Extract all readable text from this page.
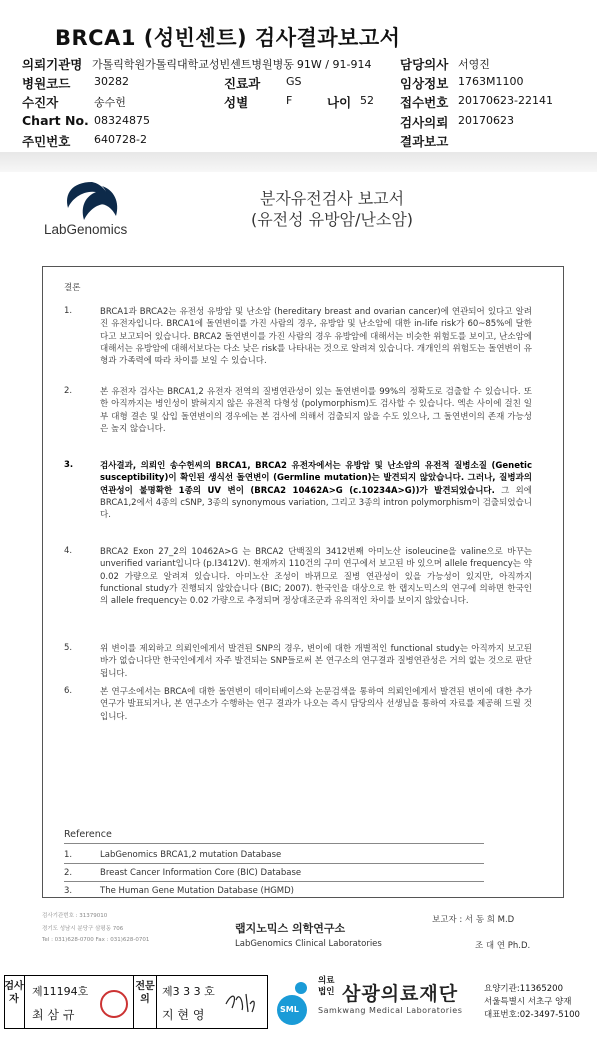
BRCA1 (성빈센트) 검사결과보고서
의뢰기관명 가톨릭학원가톨릭대학교성빈센트병원병동 91W / 91-914 담당의사 서영진
병원코드 30282	진료과 GS	임상정보 1763M1100
수진자	송수헌	성별	F	나이 52 접수번호 20170623-22141
Chart No. 08324875	검사의뢰 20170623
주민번호 640728-2	결과보고
LabGenomics
분자유전검사 보고서
(유전성 유방암/난소암)
결론
1.	BRCA1과 BRCA2는 유전성 유방암 및 난소암 (hereditary breast and ovarian cancer)에 연관되어 있다고 알려진 유전자입니다. BRCA1에 돌연변이를 가진 사람의 경우, 유방암 및 난소암에 대한 in-life risk가 60~85%에 달한다고 보고되어 있습니다. BRCA2 돌연변이를 가진 사람의 경우 유방암에 대해서는 비슷한 위험도를 보이고, 난소암에 대해서는 유방암에 대해서보다는 다소 낮은 risk를 나타내는 것으로 알려져 있습니다. 개개인의 위험도는 돌연변이 유형과 가족력에 따라 차이를 보일 수 있습니다.
2.	본 유전자 검사는 BRCA1,2 유전자 전역의 질병연관성이 있는 돌연변이를 99%의 정확도로 검출할 수 있습니다. 또한 아직까지는 병인성이 밝혀지지 않은 유전적 다형성 (polymorphism)도 검사할 수 있습니다. 엑손 사이에 걸친 일부 대형 결손 및 삽입 돌연변이의 경우에는 본 검사에 의해서 검출되지 않을 수도 있으나, 그 돌연변이의 존재 가능성은 높지 않습니다.
3.	검사결과, 의뢰인 송수헌씨의 BRCA1, BRCA2 유전자에서는 유방암 및 난소암의 유전적 질병소질 (Genetic susceptibility)이 확인된 생식선 돌연변이 (Germline mutation)는 발견되지 않았습니다. 그러나, 질병과의 연관성이 불명확한 1종의 UV 변이 (BRCA2 10462A>G (c.10234A>G))가 발견되었습니다. 그 외에 BRCA1,2에서 4종의 cSNP, 3종의 synonymous variation, 그리고 3종의 intron polymorphism이 검출되었습니다.
4.	BRCA2 Exon 27_2의 10462A>G 는 BRCA2 단백질의 3412번째 아미노산 isoleucine을 valine으로 바꾸는 unverified variant입니다 (p.I3412V). 현재까지 110건의 구미 연구에서 보고된 바 있으며 allele frequency는 약 0.02 가량으로 알려져 있습니다. 아미노산 조성이 바뀌므로 질병 연관성이 있을 가능성이 있지만, 아직까지 functional study가 진행되지 않았습니다 (BIC; 2007). 한국인을 대상으로 한 랩지노믹스의 연구에 의하면 한국인의 allele frequency는 0.02 가량으로 추정되며 정상대조군과 유의적인 차이를 보이지 않았습니다.
5.	위 변이를 제외하고 의뢰인에게서 발견된 SNP의 경우, 변이에 대한 개별적인 functional study는 아직까지 보고된 바가 없습니다만 한국인에게서 자주 발견되는 SNP들로써 본 연구소의 연구결과 질병연관성은 거의 없는 것으로 판단됩니다.
6.	본 연구소에서는 BRCA에 대한 돌연변이 데이터베이스와 논문검색을 통하여 의뢰인에게서 발견된 변이에 대한 추가 연구가 발표되거나, 본 연구소가 수행하는 연구 결과가 나오는 즉시 담당의사 선생님을 통하여 자료를 제공해 드릴 것입니다.
Reference
1.	LabGenomics BRCA1,2 mutation Database
2.	Breast Cancer Information Core (BIC) Database
3.	The Human Gene Mutation Database (HGMD)
검사기관번호 : 31379010
경기도 성남시 분당구 삼평동 706
Tel : 031)628-0700 Fax : 031)628-0701
랩지노믹스 의학연구소
LabGenomics Clinical Laboratories
보고자 : 서 동 희 M.D
조 대 연 Ph.D.
검사자
제11194호
최 삼 규
전문의
제3 3 3 호
지 현 영	SML
의료법인 삼광의료재단
Samkwang Medical Laboratories
요양기관:11365200
서울특별시 서초구 양재
대표번호:02-3497-5100
